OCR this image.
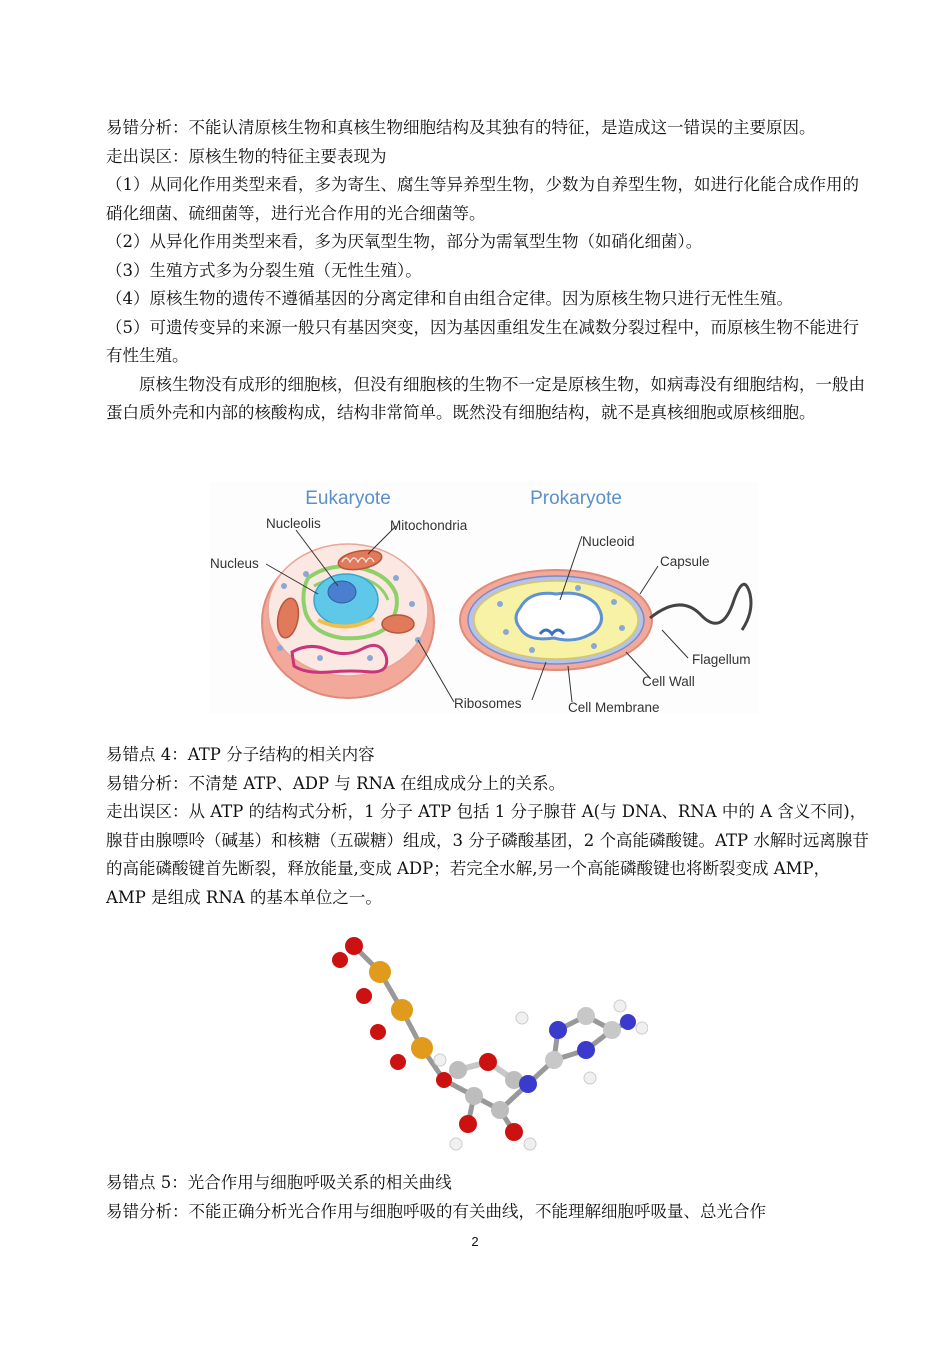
易错分析：不能认清原核生物和真核生物细胞结构及其独有的特征，是造成这一错误的主要原因。

走出误区：原核生物的特征主要表现为

（1）从同化作用类型来看，多为寄生、腐生等异养型生物，少数为自养型生物，如进行化能合成作用的硝化细菌、硫细菌等，进行光合作用的光合细菌等。

（2）从异化作用类型来看，多为厌氧型生物，部分为需氧型生物（如硝化细菌）。

（3）生殖方式多为分裂生殖（无性生殖）。

（4）原核生物的遗传不遵循基因的分离定律和自由组合定律。因为原核生物只进行无性生殖。

（5）可遗传变异的来源一般只有基因突变，因为基因重组发生在减数分裂过程中，而原核生物不能进行有性生殖。

原核生物没有成形的细胞核，但没有细胞核的生物不一定是原核生物，如病毒没有细胞结构，一般由蛋白质外壳和内部的核酸构成，结构非常简单。既然没有细胞结构，就不是真核细胞或原核细胞。

Eukaryote	Prokaryote
Nucleolis	Mitochondria
Nucleus
Nucleoid
Capsule
Flagellum
Cell Wall
Ribosomes	Cell Membrane

易错点 4：ATP 分子结构的相关内容

易错分析：不清楚 ATP、ADP 与 RNA 在组成成分上的关系。

走出误区：从 ATP 的结构式分析，1 分子 ATP 包括 1 分子腺苷 A(与 DNA、RNA 中的 A 含义不同)，腺苷由腺嘌呤（碱基）和核糖（五碳糖）组成，3 分子磷酸基团，2 个高能磷酸键。ATP 水解时远离腺苷的高能磷酸键首先断裂，释放能量,变成 ADP；若完全水解,另一个高能磷酸键也将断裂变成 AMP，AMP 是组成 RNA 的基本单位之一。

易错点 5：光合作用与细胞呼吸关系的相关曲线

易错分析：不能正确分析光合作用与细胞呼吸的有关曲线，不能理解细胞呼吸量、总光合作

2
